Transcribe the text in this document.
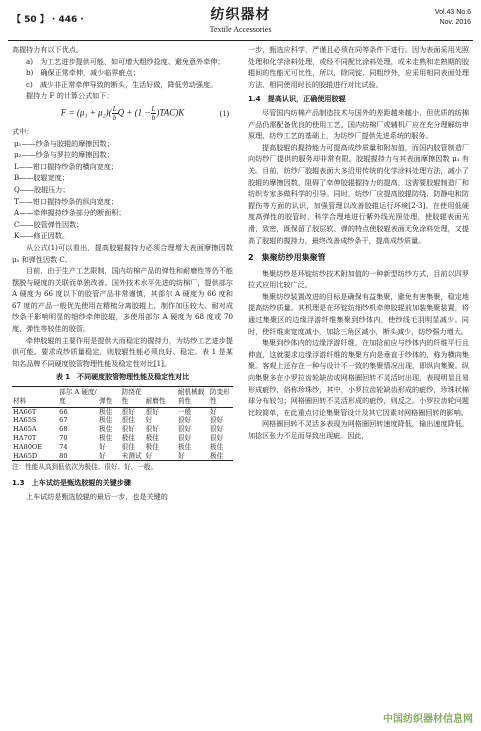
【 50 】 · 446 ·	纺织器材
Textile Accessories
Vol.43 No.6
Nov. 2016

高握持力有以下优点。

a)　为工艺进步提供可能，如可增大粗纱捻度、避免意外牵伸；

b)　确保正常牵伸，减少临界疵点；

c)　减少非正常牵伸导致的断头，生活好做，降低劳动强度。

握持力 F 的计算公式如下：

$F = (\mu_1 + \mu_2)( \frac{L}{b}$ $Q + (1 - \frac{L}{b} )TAC)K$	(1)

式中：

μ₁——纱条与胶辊的摩擦因数；

μ₂——纱条与罗拉的摩擦因数；

L——钳口握持纱条的横向宽度；

B——胶辊宽度；

Q——胶辊压力；

T——钳口握持纱条的纵向宽度；

A——牵伸握持纱条部分的断面积；

C——胶管弹性因数；

K——修正因数。

从公式(1)可以看出，提高胶辊握持力必须合理增大表面摩擦因数 μ₁ 和弹性因数 C。

目前，由于生产工艺限制，国内纺棉产品的弹性和耐磨性等仍不能摆脱与硬度的关联而单独改善。国外技术水平先进的纺棉厂，提供部尔 A 硬度为 66 度以下的胶管产品非常谨慎，其部尔 A 硬度为 66 度和 67 度的产品一般优先使用在精梳分离胶辊上，制作加压较大、耐对成纱条干影响明显的细纱牵伸胶辊，多使用部尔 A 硬度为 68 度或 70 度，弹性等较佳的胶管。

牵伸胶辊的主要作用是提供大而稳定的握持力，为纺纱工艺进步提供可能。要求成纱质量稳定，则胶辊性能必须良好、稳定。表 1 是某知名品牌不同硬度胶管物理性能及稳定性对比[1]。

表 1　不同硬度胶管物理性能及稳定性对比
材料	部尔 A 硬度/度	弹性	防绕花性	耐磨性	耐机械载荷性	防变形性
HA66T	66	极佳	很好	很好	一般	好
HA65S	67	极佳	很佳	好	很好	很好
HA65A	68	极佳	很好	很好	很好	很好
HA70T	70	极佳	极佳	极佳	很好	很好
HA80OE	74	好	很佳	极佳	极佳	极佳
HA65D	80	好	未测试	好	好	极佳
注：性能从高到低依次为极佳、很好、好、一般。
1.3　上车试纺是甄选胶辊的关键步骤

上车试纺是甄选胶辊的最后一步，也是关键的

一步，甄选应科学，严谨且必须在同等条件下进行。因为表面采用光照处理和化学涂料处理，或经不同配比涂料处理，或未走熟和走熟期的胶辊间的性能无可比性，所以，除同锭、同粗纱外，应采用相同表面处理方法、相同使用时长的胶辊进行对比试验。

1.4　提高认识，正确使用胶辊

尽管国内纺棉产品制造技术与国外的差距越来越小，但优质的纺棉产品仍需配备优良的使用工艺。国内纺棉厂或辅机厂应在充分理解纺申原理、纺纱工艺的基础上，为纺纱厂提供先进系统的服务。

提高胶辊的握持能力可提高成纱质量和附加值，而国内胶管制造厂向纺纱厂提供的服务却非常有限。胶辊握持力与其表面摩擦因数 μ₁ 有关。目前，纺纱厂胶辊表面大多沿用传统的化学涂料处理方法，减小了胶辊的摩擦因数，阻碍了牵伸胶辊握持力的提高，这需要胶辊制造厂和纺织专家多做科学的引导。同时，纺纱厂应提高胶辊防绕、防静电和防握伤等方面的认识，加强管理以改善胶辊运行环境[2-3]。在使用低硬度高弹性的胶管时，科学合理地进行紫外线光照处理，使胶辊表面光滑、致密，既保留了胶层软、弹的特点使胶辊表面无免涂料处理，又提高了胶辊的握持力，最终改善成纱条干，提高成纱质量。

2　集聚纺纱用集聚管

集聚纺纱是环锭纺纱技术附加值的一种新型纺纱方式，目前以四罗拉式应用比较广泛。

集聚纺纱装置改进的目标是确保有益集聚，避免有害集聚，稳定地提高纺纱质量。其机理是在环锭纺细纱机牵伸胶辊前加装集聚装置，将通过集聚区的边缘浮游纤维集聚到纱体内，使纱线毛羽明显减少。同时，使纤维束宽度减小，加捻三角区减小，断头减少，纺纱强力增大。

集聚到纱体内的边缘浮游纤维，在加捻前应与纱体内的纤维平行且伸直，这就要求边缘浮游纤维的集聚方向是垂直于纱体的，称为横向集聚。客观上还存在一种与设计不一致的集聚情况出现，即纵向集聚。纵向集聚多在小罗拉齿轮缺齿或网格圈回转不灵活时出现，表现明显且易形成疵纱，俗称珍珠纱，其中，小罗拉齿轮缺齿形成的疵纱，珍珠状棉球分布较匀；网格圈回转不灵活形成的疵纱，则反之。小罗拉齿轮问题比较简单，在此重点讨论集聚管设计及其它因素对网格圈回转的影响。

网格圈回转不灵活多表现为网格圈回转速度降低，输出速度降低，加捻区张力不足而导致出现疵。因此，

中国纺织器材信息网
